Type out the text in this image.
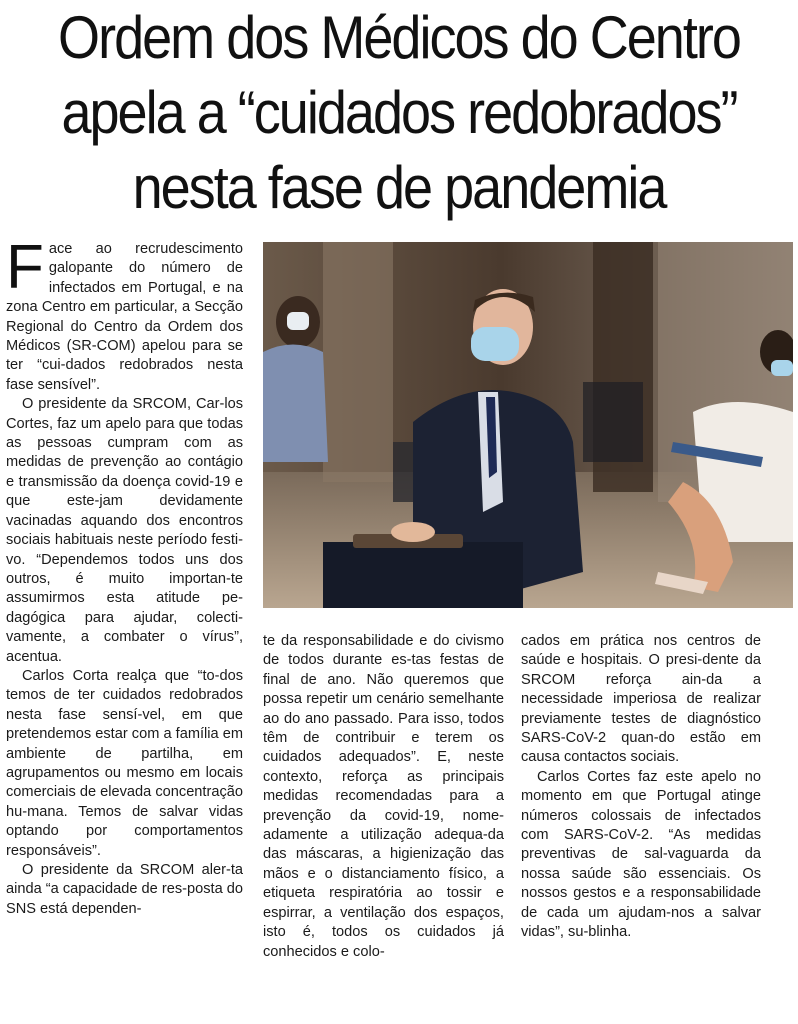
Ordem dos Médicos do Centro
apela a “cuidados redobrados”
nesta fase de pandemia

Face ao recrudescimento galopante do número de infectados em Portugal, e na zona Centro em particular, a Secção Regional do Centro da Ordem dos Médicos (SR-COM) apelou para se ter “cui-dados redobrados nesta fase sensível”.

O presidente da SRCOM, Car-los Cortes, faz um apelo para que todas as pessoas cumpram com as medidas de prevenção ao contágio e transmissão da doença covid-19 e que este-jam devidamente vacinadas aquando dos encontros sociais habituais neste período festi-vo. “Dependemos todos uns dos outros, é muito importan-te assumirmos esta atitude pe-dagógica para ajudar, colecti-vamente, a combater o vírus”, acentua.

Carlos Corta realça que “to-dos temos de ter cuidados redobrados nesta fase sensí-vel, em que pretendemos estar com a família em ambiente de partilha, em agrupamentos ou mesmo em locais comerciais de elevada concentração hu-mana. Temos de salvar vidas optando por comportamentos responsáveis”.

O presidente da SRCOM aler-ta ainda “a capacidade de res-posta do SNS está dependen-

te da responsabilidade e do civismo de todos durante es-tas festas de final de ano. Não queremos que possa repetir um cenário semelhante ao do ano passado. Para isso, todos têm de contribuir e terem os cuidados adequados”. E, neste contexto, reforça as principais medidas recomendadas para a prevenção da covid-19, nome-adamente a utilização adequa-da das máscaras, a higienização das mãos e o distanciamento físico, a etiqueta respiratória ao tossir e espirrar, a ventilação dos espaços, isto é, todos os cuidados já conhecidos e colo-

cados em prática nos centros de saúde e hospitais. O presi-dente da SRCOM reforça ain-da a necessidade imperiosa de realizar previamente testes de diagnóstico SARS-CoV-2 quan-do estão em causa contactos sociais.

Carlos Cortes faz este apelo no momento em que Portugal atinge números colossais de infectados com SARS-CoV-2. “As medidas preventivas de sal-vaguarda da nossa saúde são essenciais. Os nossos gestos e a responsabilidade de cada um ajudam-nos a salvar vidas”, su-blinha.
